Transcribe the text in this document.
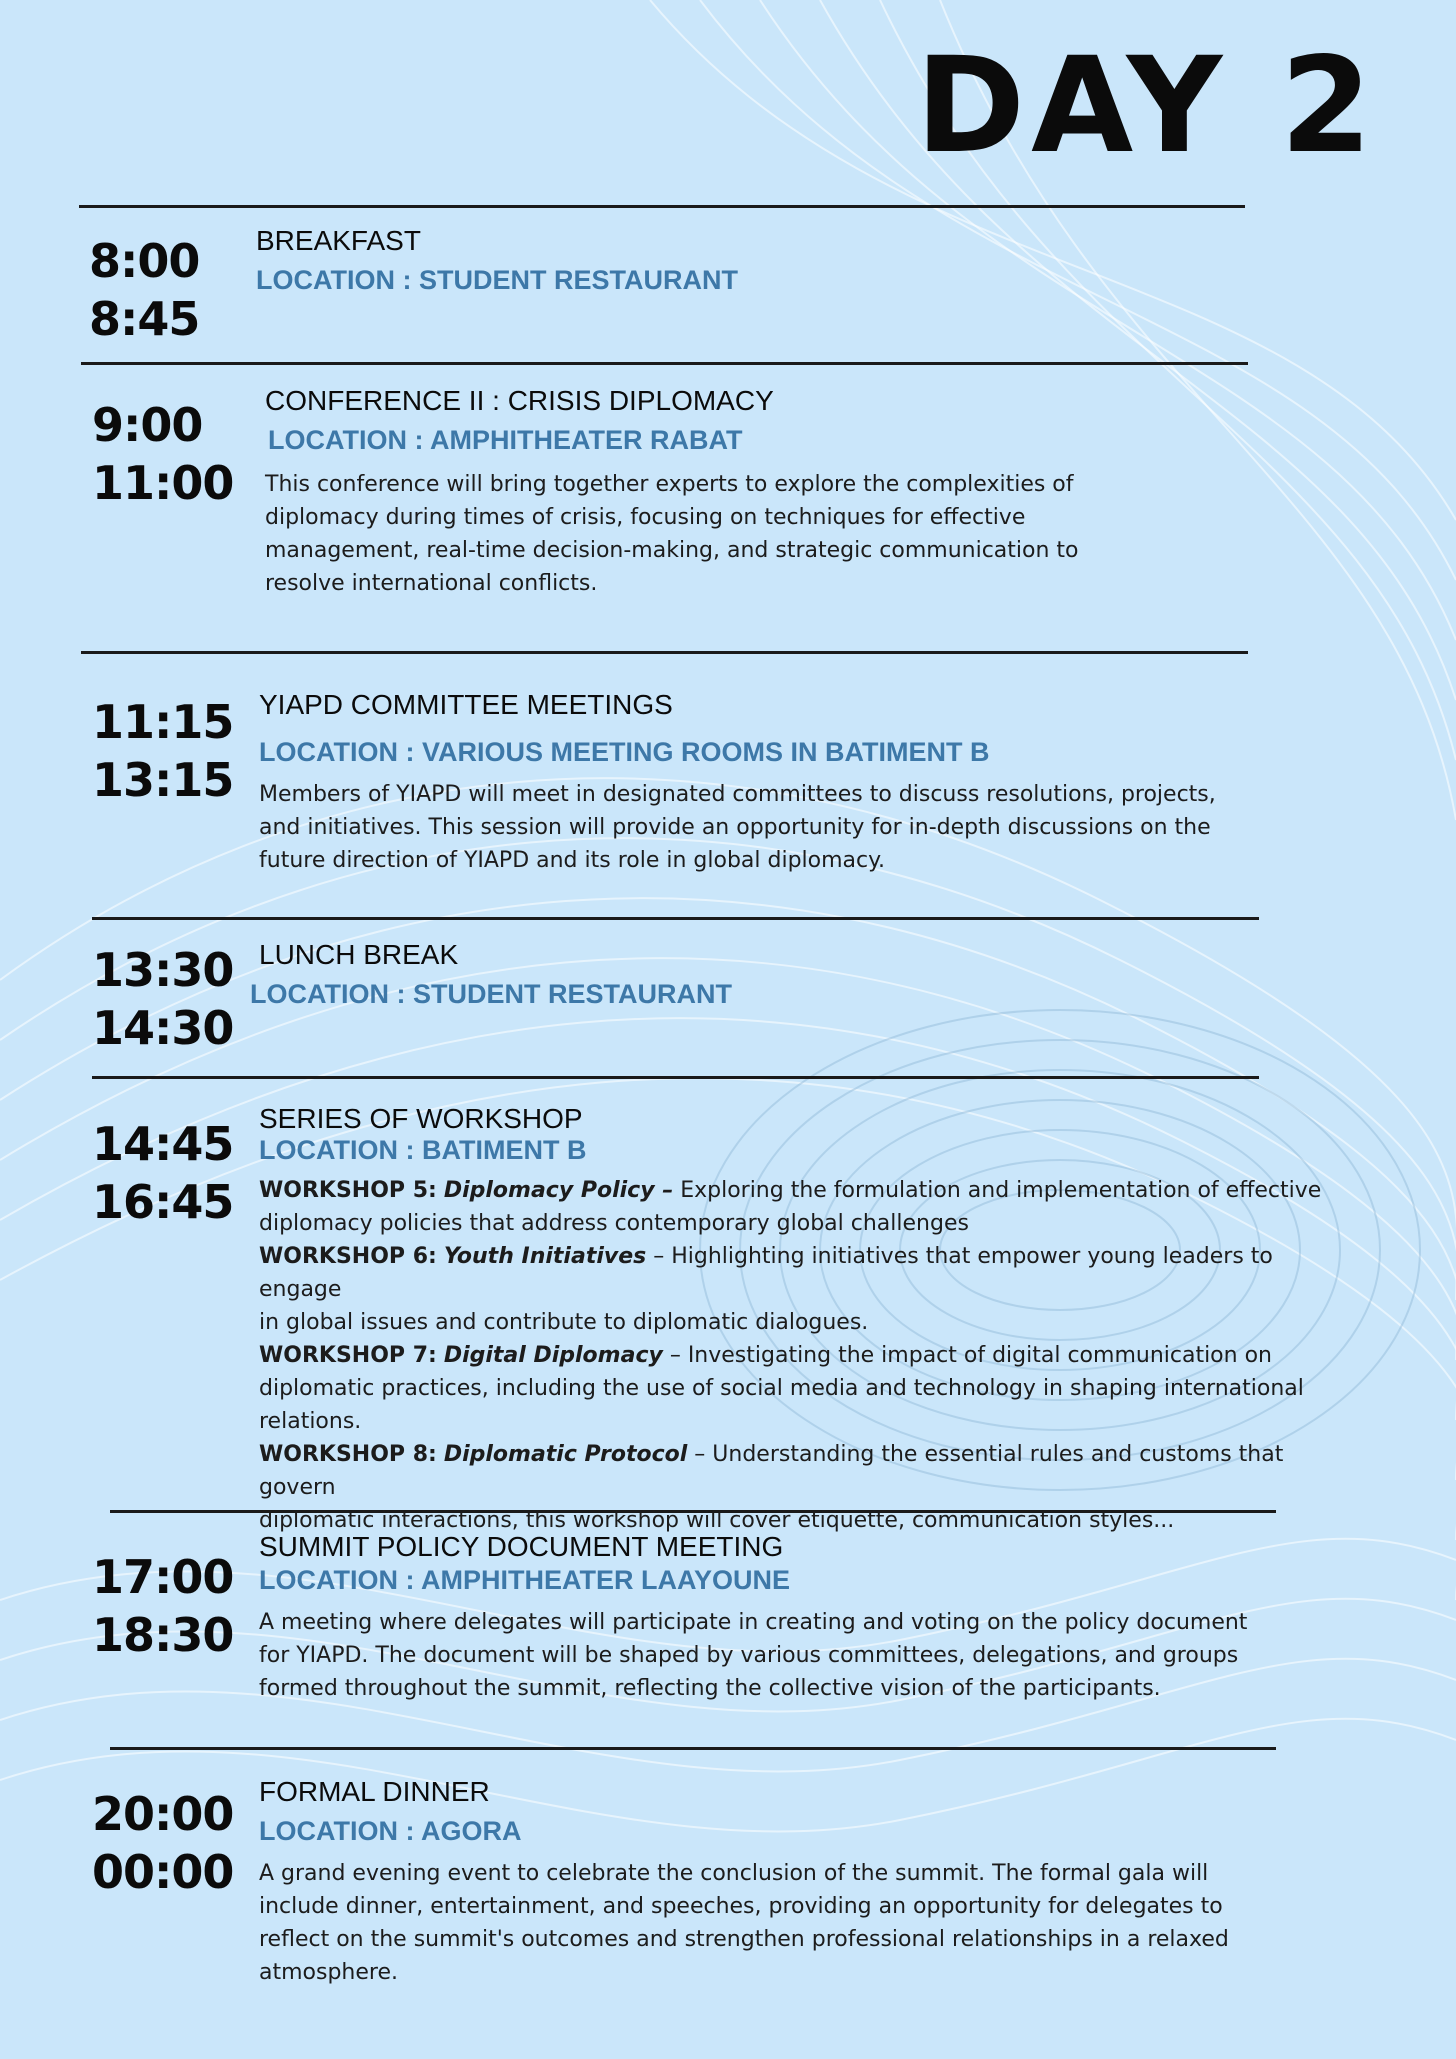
DAY 2
8:00
8:45

BREAKFAST

LOCATION : STUDENT RESTAURANT

9:00
11:00

CONFERENCE II : CRISIS DIPLOMACY

LOCATION : AMPHITHEATER RABAT

This conference will bring together experts to explore the complexities of

diplomacy during times of crisis, focusing on techniques for effective

management, real-time decision-making, and strategic communication to

resolve international conflicts.

11:15
13:15

YIAPD COMMITTEE MEETINGS

LOCATION : VARIOUS MEETING ROOMS IN BATIMENT B

Members of YIAPD will meet in designated committees to discuss resolutions, projects,

and initiatives. This session will provide an opportunity for in-depth discussions on the

future direction of YIAPD and its role in global diplomacy.

13:30
14:30

LUNCH BREAK

LOCATION : STUDENT RESTAURANT

14:45
16:45

SERIES OF WORKSHOP

LOCATION : BATIMENT B

WORKSHOP 5: Diplomacy Policy – Exploring the formulation and implementation of effective

diplomacy policies that address contemporary global challenges

WORKSHOP 6: Youth Initiatives – Highlighting initiatives that empower young leaders to engage

in global issues and contribute to diplomatic dialogues.

WORKSHOP 7: Digital Diplomacy – Investigating the impact of digital communication on

diplomatic practices, including the use of social media and technology in shaping international

relations.

WORKSHOP 8: Diplomatic Protocol – Understanding the essential rules and customs that govern

diplomatic interactions, this workshop will cover etiquette, communication styles...

17:00
18:30

SUMMIT POLICY DOCUMENT MEETING

LOCATION : AMPHITHEATER LAAYOUNE

A meeting where delegates will participate in creating and voting on the policy document

for YIAPD. The document will be shaped by various committees, delegations, and groups

formed throughout the summit, reflecting the collective vision of the participants.

20:00
00:00

FORMAL DINNER

LOCATION : AGORA

A grand evening event to celebrate the conclusion of the summit. The formal gala will

include dinner, entertainment, and speeches, providing an opportunity for delegates to

reflect on the summit's outcomes and strengthen professional relationships in a relaxed

atmosphere.
